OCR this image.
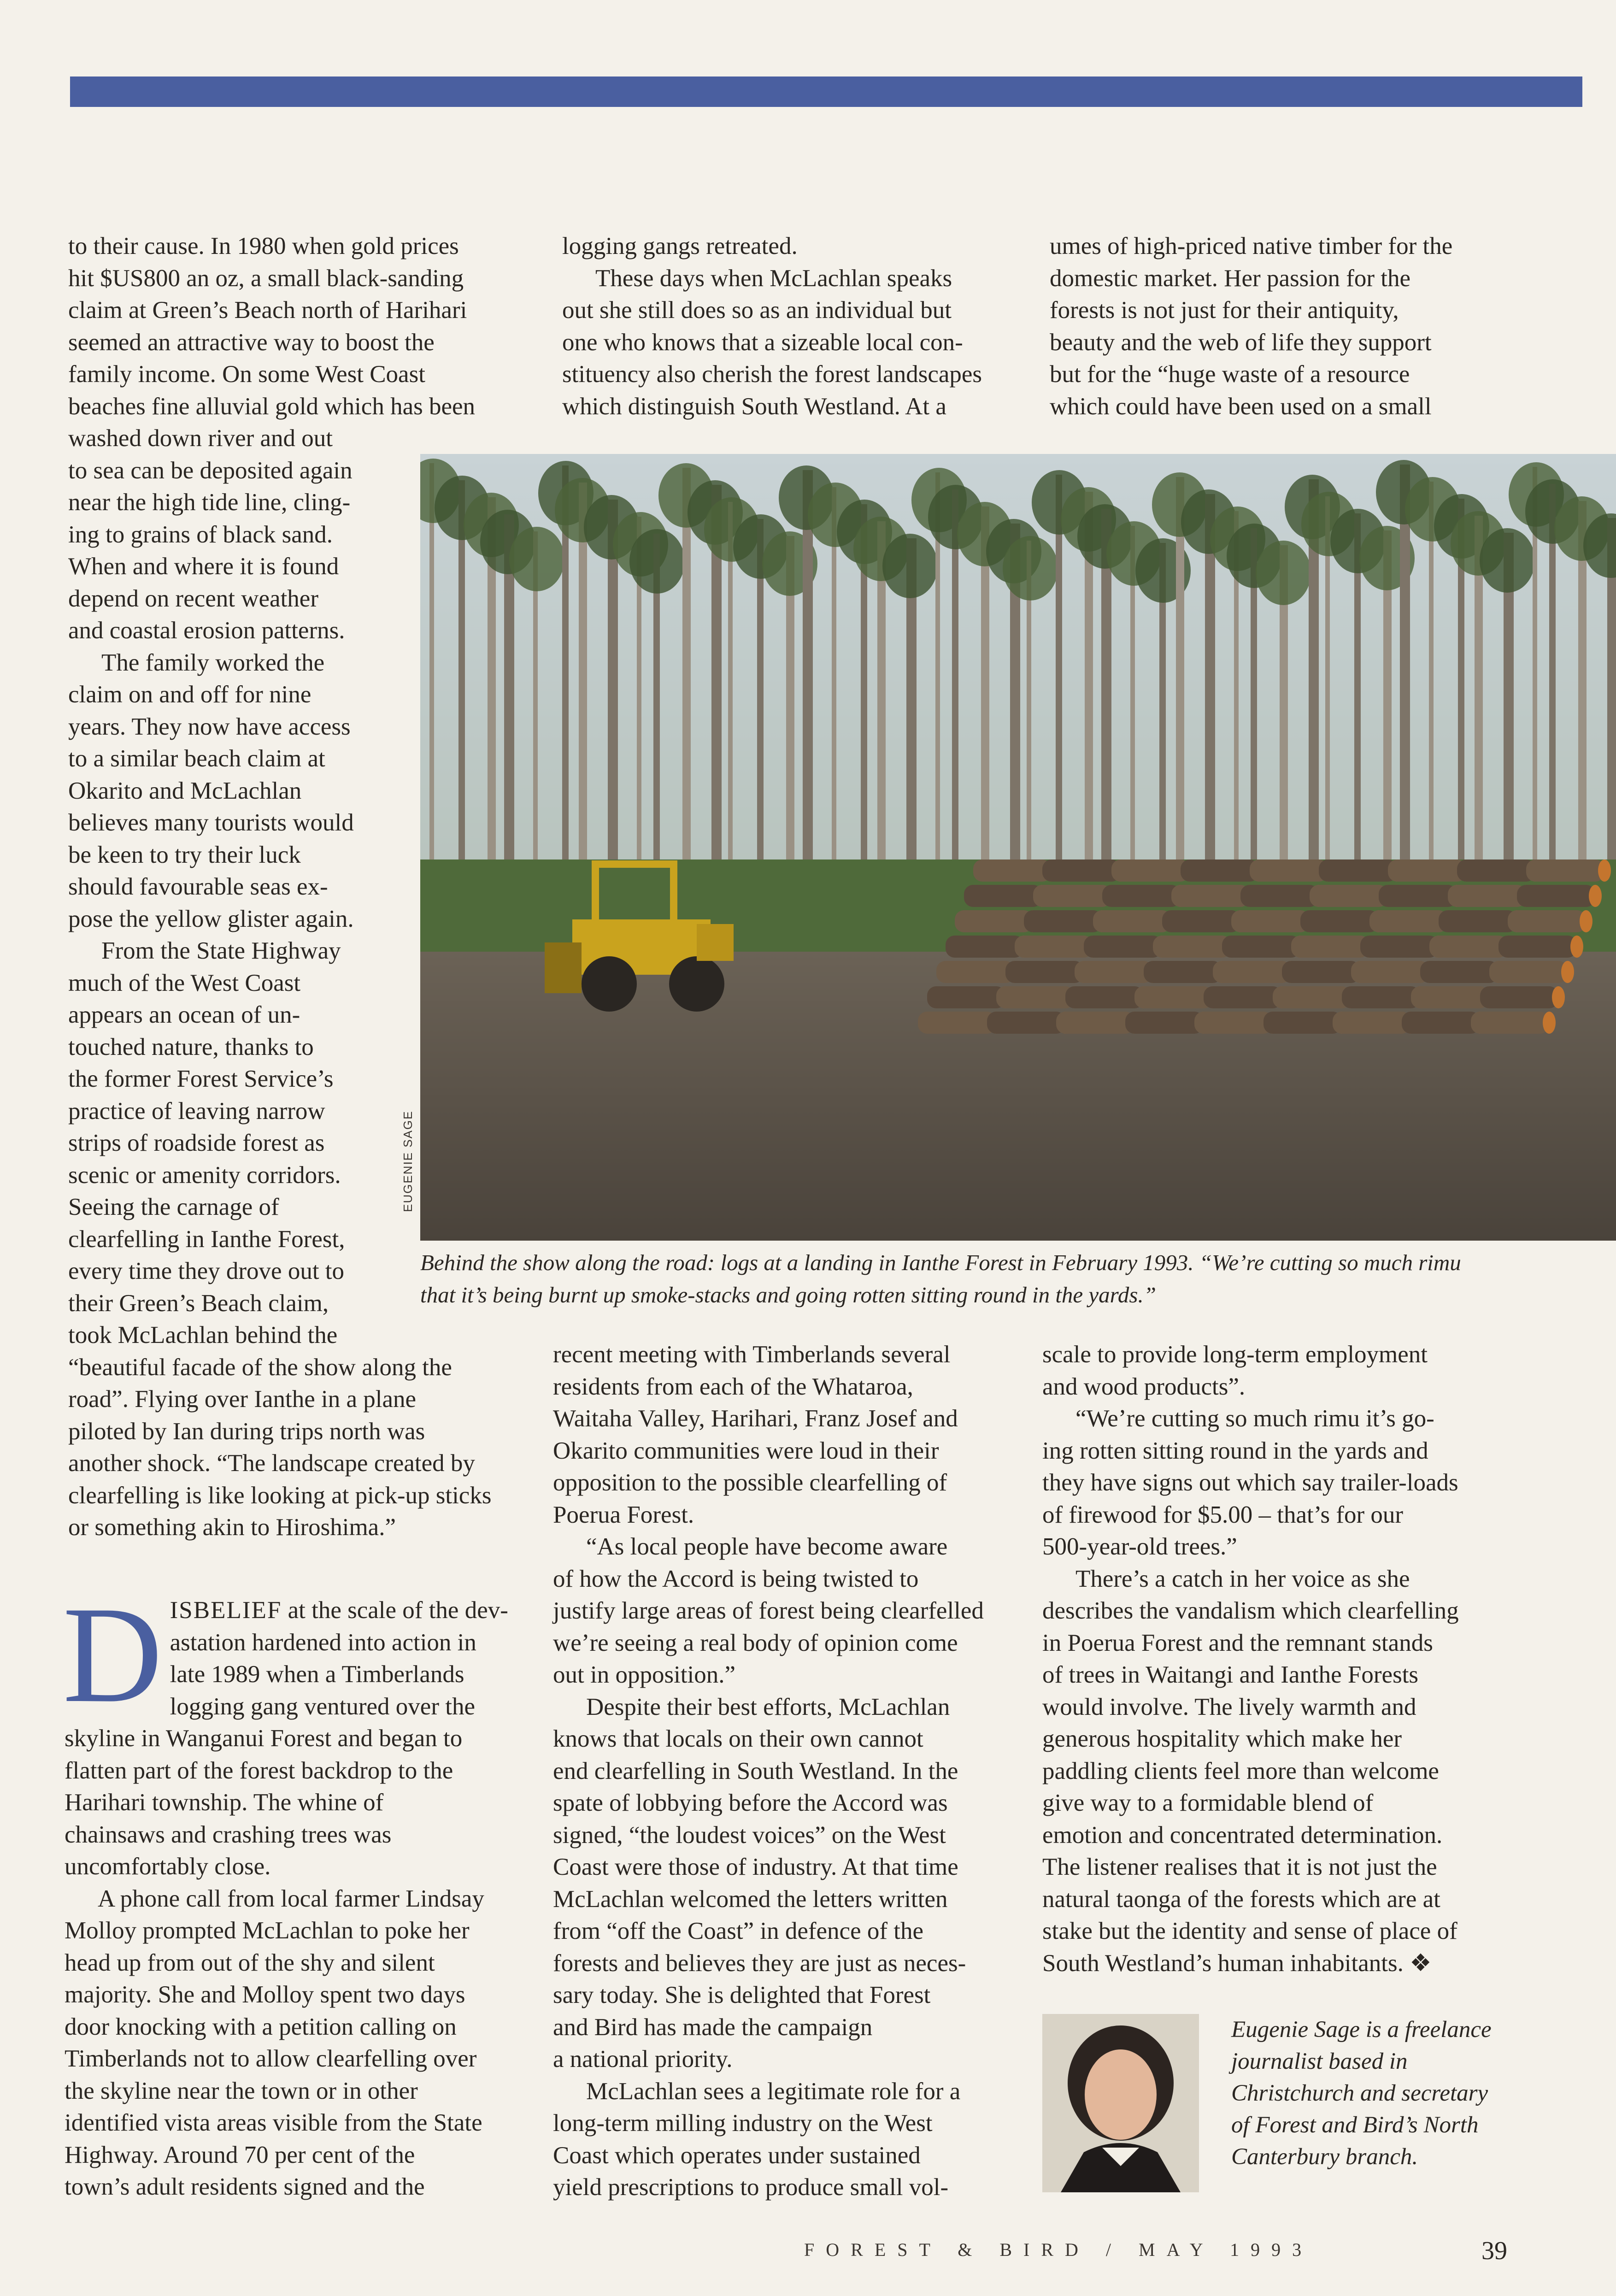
to their cause. In 1980 when gold prices
hit $US800 an oz, a small black-sanding
claim at Green’s Beach north of Harihari
seemed an attractive way to boost the
family income. On some West Coast
beaches fine alluvial gold which has been
washed down river and out
to sea can be deposited again
near the high tide line, cling-
ing to grains of black sand.
When and where it is found
depend on recent weather
and coastal erosion patterns.
The family worked the
claim on and off for nine
years. They now have access
to a similar beach claim at
Okarito and McLachlan
believes many tourists would
be keen to try their luck
should favourable seas ex-
pose the yellow glister again.
From the State Highway
much of the West Coast
appears an ocean of un-
touched nature, thanks to
the former Forest Service’s
practice of leaving narrow
strips of roadside forest as
scenic or amenity corridors.
Seeing the carnage of
clearfelling in Ianthe Forest,
every time they drove out to
their Green’s Beach claim,
took McLachlan behind the
“beautiful facade of the show along the
road”. Flying over Ianthe in a plane
piloted by Ian during trips north was
another shock. “The landscape created by
clearfelling is like looking at pick-up sticks
or something akin to Hiroshima.”
logging gangs retreated.
These days when McLachlan speaks
out she still does so as an individual but
one who knows that a sizeable local con-
stituency also cherish the forest landscapes
which distinguish South Westland. At a
umes of high-priced native timber for the
domestic market. Her passion for the
forests is not just for their antiquity,
beauty and the web of life they support
but for the “huge waste of a resource
which could have been used on a small
EUGENIE SAGE
Behind the show along the road: logs at a landing in Ianthe Forest in February 1993. “We’re cutting so much rimu
that it’s being burnt up smoke-stacks and going rotten sitting round in the yards.”
D ISBELIEF at the scale of the dev-
astation hardened into action in
late 1989 when a Timberlands
logging gang ventured over the
skyline in Wanganui Forest and began to
flatten part of the forest backdrop to the
Harihari township. The whine of
chainsaws and crashing trees was
uncomfortably close.
A phone call from local farmer Lindsay
Molloy prompted McLachlan to poke her
head up from out of the shy and silent
majority. She and Molloy spent two days
door knocking with a petition calling on
Timberlands not to allow clearfelling over
the skyline near the town or in other
identified vista areas visible from the State
Highway. Around 70 per cent of the
town’s adult residents signed and the
recent meeting with Timberlands several
residents from each of the Whataroa,
Waitaha Valley, Harihari, Franz Josef and
Okarito communities were loud in their
opposition to the possible clearfelling of
Poerua Forest.
“As local people have become aware
of how the Accord is being twisted to
justify large areas of forest being clearfelled
we’re seeing a real body of opinion come
out in opposition.”
Despite their best efforts, McLachlan
knows that locals on their own cannot
end clearfelling in South Westland. In the
spate of lobbying before the Accord was
signed, “the loudest voices” on the West
Coast were those of industry. At that time
McLachlan welcomed the letters written
from “off the Coast” in defence of the
forests and believes they are just as neces-
sary today. She is delighted that Forest
and Bird has made the campaign
a national priority.
McLachlan sees a legitimate role for a
long-term milling industry on the West
Coast which operates under sustained
yield prescriptions to produce small vol-
scale to provide long-term employment
and wood products”.
“We’re cutting so much rimu it’s go-
ing rotten sitting round in the yards and
they have signs out which say trailer-loads
of firewood for $5.00 – that’s for our
500-year-old trees.”
There’s a catch in her voice as she
describes the vandalism which clearfelling
in Poerua Forest and the remnant stands
of trees in Waitangi and Ianthe Forests
would involve. The lively warmth and
generous hospitality which make her
paddling clients feel more than welcome
give way to a formidable blend of
emotion and concentrated determination.
The listener realises that it is not just the
natural taonga of the forests which are at
stake but the identity and sense of place of
South Westland’s human inhabitants. ❖
Eugenie Sage is a freelance
journalist based in
Christchurch and secretary
of Forest and Bird’s North
Canterbury branch.
FOREST & BIRD / MAY 1993	39
